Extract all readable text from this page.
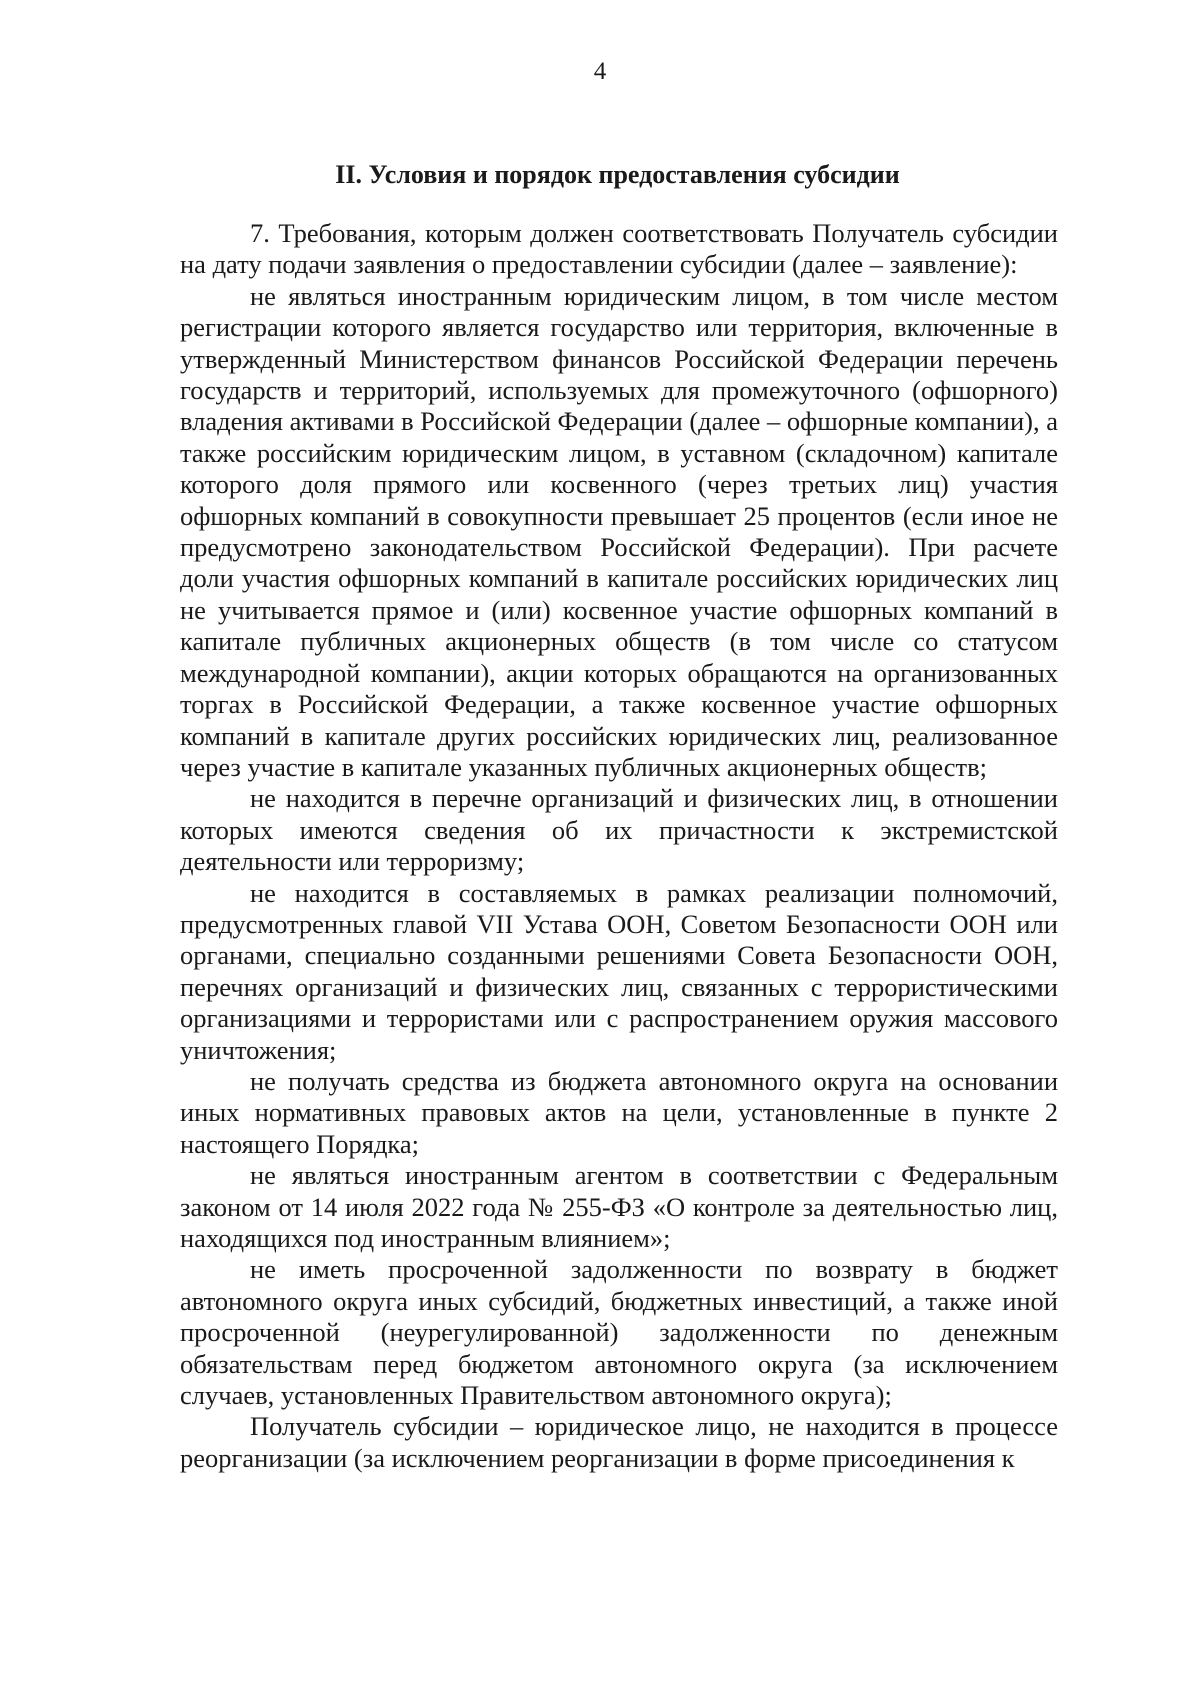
4
II. Условия и порядок предоставления субсидии

7. Требования, которым должен соответствовать Получатель субсидии на дату подачи заявления о предоставлении субсидии (далее – заявление):

не являться иностранным юридическим лицом, в том числе местом регистрации которого является государство или территория, включенные в утвержденный Министерством финансов Российской Федерации перечень государств и территорий, используемых для промежуточного (офшорного) владения активами в Российской Федерации (далее – офшорные компании), а также российским юридическим лицом, в уставном (складочном) капитале которого доля прямого или косвенного (через третьих лиц) участия офшорных компаний в совокупности превышает 25 процентов (если иное не предусмотрено законодательством Российской Федерации). При расчете доли участия офшорных компаний в капитале российских юридических лиц не учитывается прямое и (или) косвенное участие офшорных компаний в капитале публичных акционерных обществ (в том числе со статусом международной компании), акции которых обращаются на организованных торгах в Российской Федерации, а также косвенное участие офшорных компаний в капитале других российских юридических лиц, реализованное через участие в капитале указанных публичных акционерных обществ;

не находится в перечне организаций и физических лиц, в отношении которых имеются сведения об их причастности к экстремистской деятельности или терроризму;

не находится в составляемых в рамках реализации полномочий, предусмотренных главой VII Устава ООН, Советом Безопасности ООН или органами, специально созданными решениями Совета Безопасности ООН, перечнях организаций и физических лиц, связанных с террористическими организациями и террористами или с распространением оружия массового уничтожения;

не получать средства из бюджета автономного округа на основании иных нормативных правовых актов на цели, установленные в пункте 2 настоящего Порядка;

не являться иностранным агентом в соответствии с Федеральным законом от 14 июля 2022 года № 255-ФЗ «О контроле за деятельностью лиц, находящихся под иностранным влиянием»;

не иметь просроченной задолженности по возврату в бюджет автономного округа иных субсидий, бюджетных инвестиций, а также иной просроченной (неурегулированной) задолженности по денежным обязательствам перед бюджетом автономного округа (за исключением случаев, установленных Правительством автономного округа);

Получатель субсидии – юридическое лицо, не находится в процессе реорганизации (за исключением реорганизации в форме присоединения к
